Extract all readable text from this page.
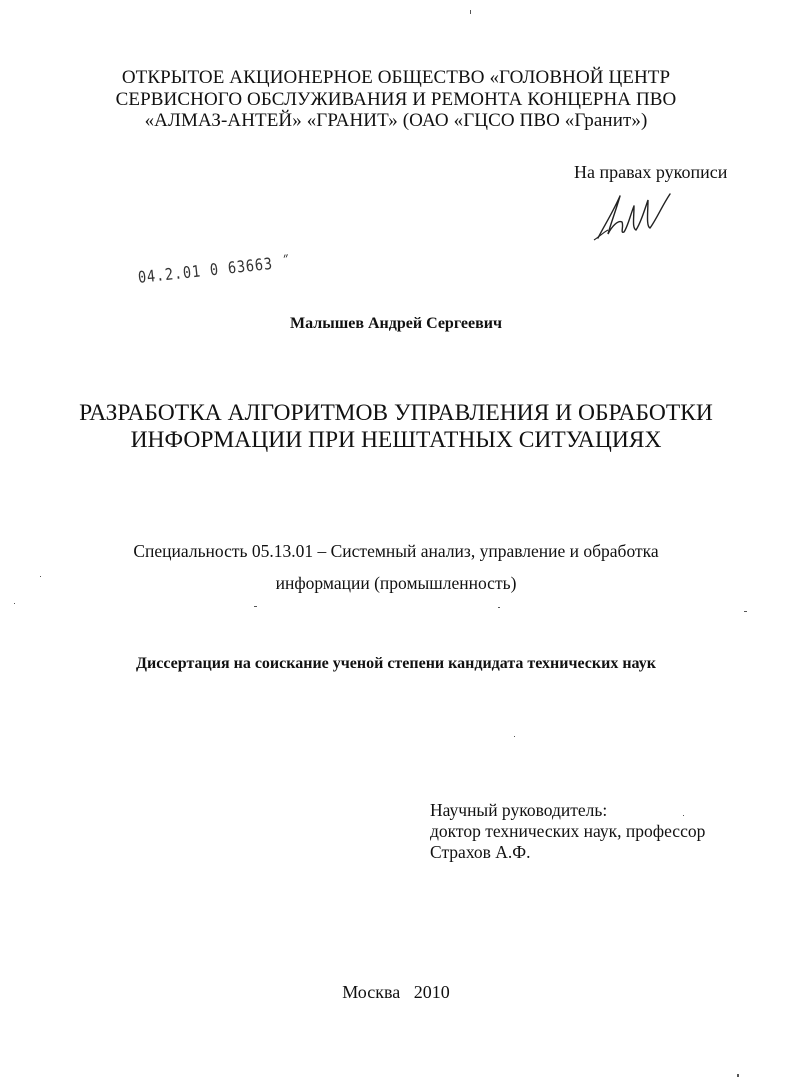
ОТКРЫТОЕ АКЦИОНЕРНОЕ ОБЩЕСТВО «ГОЛОВНОЙ ЦЕНТР
СЕРВИСНОГО ОБСЛУЖИВАНИЯ И РЕМОНТА КОНЦЕРНА ПВО
«АЛМАЗ-АНТЕЙ» «ГРАНИТ» (ОАО «ГЦСО ПВО «Гранит»)
На правах рукописи
04.2.01 0 63663 ˝
Малышев Андрей Сергеевич
РАЗРАБОТКА АЛГОРИТМОВ УПРАВЛЕНИЯ И ОБРАБОТКИ
ИНФОРМАЦИИ ПРИ НЕШТАТНЫХ СИТУАЦИЯХ
Специальность 05.13.01 – Системный анализ, управление и обработка
информации (промышленность)
Диссертация на соискание ученой степени кандидата технических наук
Научный руководитель:
доктор технических наук, профессор
Страхов А.Ф.
Москва   2010
